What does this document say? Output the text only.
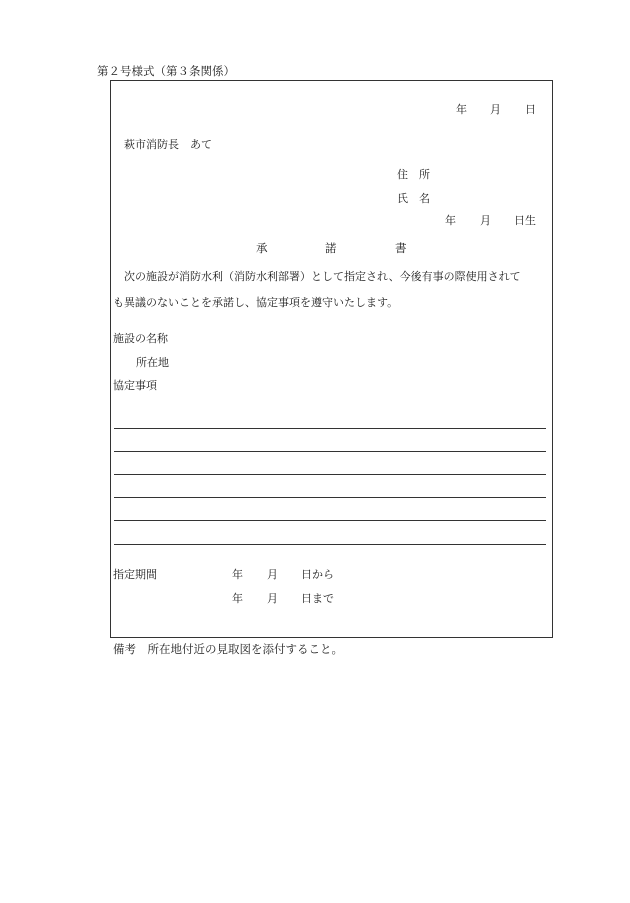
第２号様式（第３条関係）
年 月 日
萩市消防長　あて
住　所
氏　名
年 月 日生
承	諾	書
次の施設が消防水利（消防水利部署）として指定され、今後有事の際使用されて
も異議のないことを承諾し、協定事項を遵守いたします。
施設の名称
所在地
協定事項
指定期間	年 月 日から
年 月 日まで
備考　所在地付近の見取図を添付すること。
